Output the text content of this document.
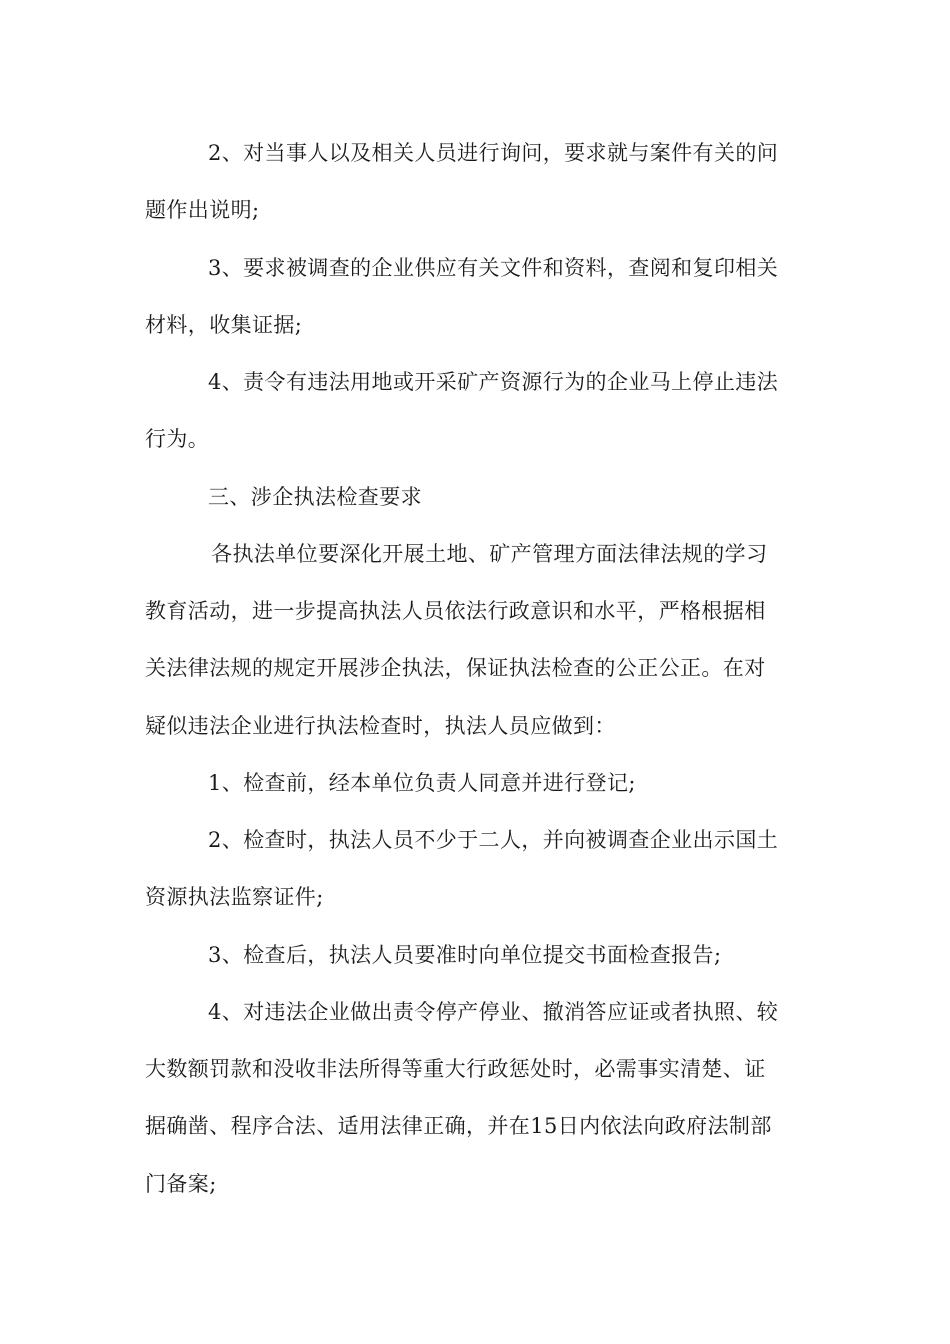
2、对当事人以及相关人员进行询问，要求就与案件有关的问
题作出说明;
3、要求被调查的企业供应有关文件和资料，查阅和复印相关
材料，收集证据;
4、责令有违法用地或开采矿产资源行为的企业马上停止违法
行为。
三、涉企执法检查要求
各执法单位要深化开展土地、矿产管理方面法律法规的学习
教育活动，进一步提高执法人员依法行政意识和水平，严格根据相
关法律法规的规定开展涉企执法，保证执法检查的公正公正。在对
疑似违法企业进行执法检查时，执法人员应做到：
1、检查前，经本单位负责人同意并进行登记;
2、检查时，执法人员不少于二人，并向被调查企业出示国土
资源执法监察证件;
3、检查后，执法人员要准时向单位提交书面检查报告;
4、对违法企业做出责令停产停业、撤消答应证或者执照、较
大数额罚款和没收非法所得等重大行政惩处时，必需事实清楚、证
据确凿、程序合法、适用法律正确，并在15日内依法向政府法制部
门备案;
